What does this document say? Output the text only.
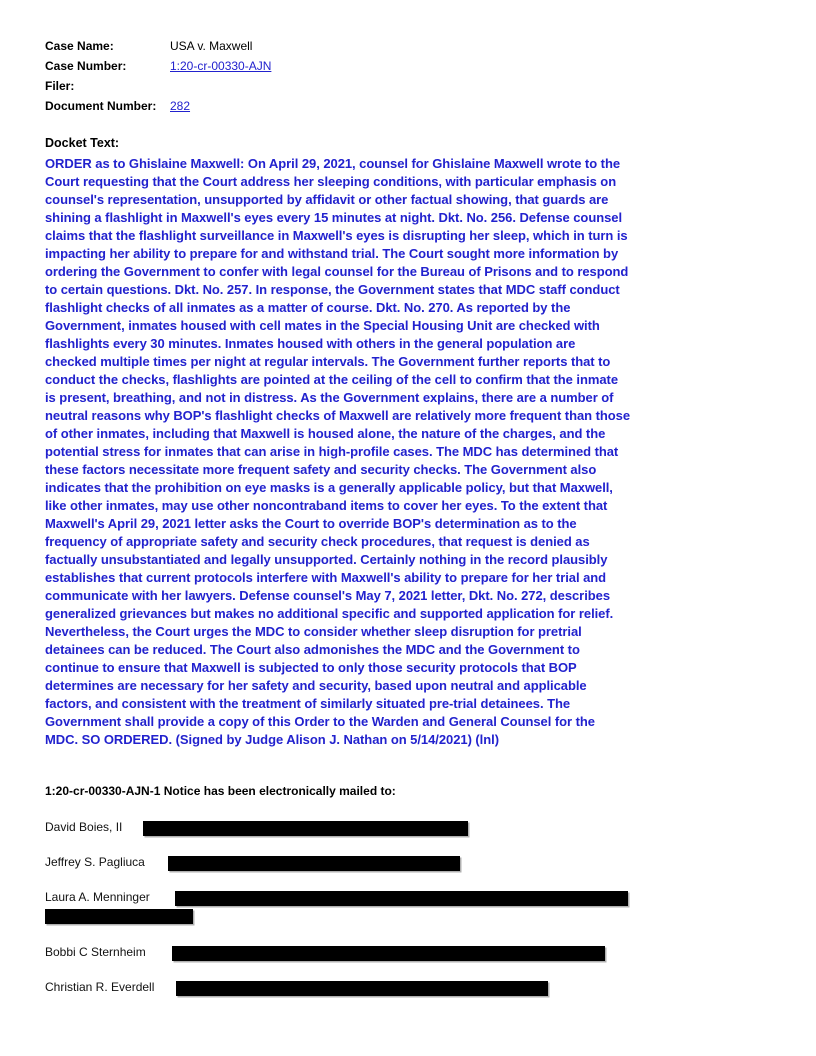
Case Name:	USA v. Maxwell
Case Number:	1:20-cr-00330-AJN
Filer:
Document Number:	282
Docket Text:
ORDER as to Ghislaine Maxwell: On April 29, 2021, counsel for Ghislaine Maxwell wrote to the
Court requesting that the Court address her sleeping conditions, with particular emphasis on
counsel's representation, unsupported by affidavit or other factual showing, that guards are
shining a flashlight in Maxwell's eyes every 15 minutes at night. Dkt. No. 256. Defense counsel
claims that the flashlight surveillance in Maxwell's eyes is disrupting her sleep, which in turn is
impacting her ability to prepare for and withstand trial. The Court sought more information by
ordering the Government to confer with legal counsel for the Bureau of Prisons and to respond
to certain questions. Dkt. No. 257. In response, the Government states that MDC staff conduct
flashlight checks of all inmates as a matter of course. Dkt. No. 270. As reported by the
Government, inmates housed with cell mates in the Special Housing Unit are checked with
flashlights every 30 minutes. Inmates housed with others in the general population are
checked multiple times per night at regular intervals. The Government further reports that to
conduct the checks, flashlights are pointed at the ceiling of the cell to confirm that the inmate
is present, breathing, and not in distress. As the Government explains, there are a number of
neutral reasons why BOP's flashlight checks of Maxwell are relatively more frequent than those
of other inmates, including that Maxwell is housed alone, the nature of the charges, and the
potential stress for inmates that can arise in high-profile cases. The MDC has determined that
these factors necessitate more frequent safety and security checks. The Government also
indicates that the prohibition on eye masks is a generally applicable policy, but that Maxwell,
like other inmates, may use other noncontraband items to cover her eyes. To the extent that
Maxwell's April 29, 2021 letter asks the Court to override BOP's determination as to the
frequency of appropriate safety and security check procedures, that request is denied as
factually unsubstantiated and legally unsupported. Certainly nothing in the record plausibly
establishes that current protocols interfere with Maxwell's ability to prepare for her trial and
communicate with her lawyers. Defense counsel's May 7, 2021 letter, Dkt. No. 272, describes
generalized grievances but makes no additional specific and supported application for relief.
Nevertheless, the Court urges the MDC to consider whether sleep disruption for pretrial
detainees can be reduced. The Court also admonishes the MDC and the Government to
continue to ensure that Maxwell is subjected to only those security protocols that BOP
determines are necessary for her safety and security, based upon neutral and applicable
factors, and consistent with the treatment of similarly situated pre-trial detainees. The
Government shall provide a copy of this Order to the Warden and General Counsel for the
MDC. SO ORDERED. (Signed by Judge Alison J. Nathan on 5/14/2021) (lnl)
1:20-cr-00330-AJN-1 Notice has been electronically mailed to:
David Boies, II
Jeffrey S. Pagliuca
Laura A. Menninger
Bobbi C Sternheim
Christian R. Everdell
